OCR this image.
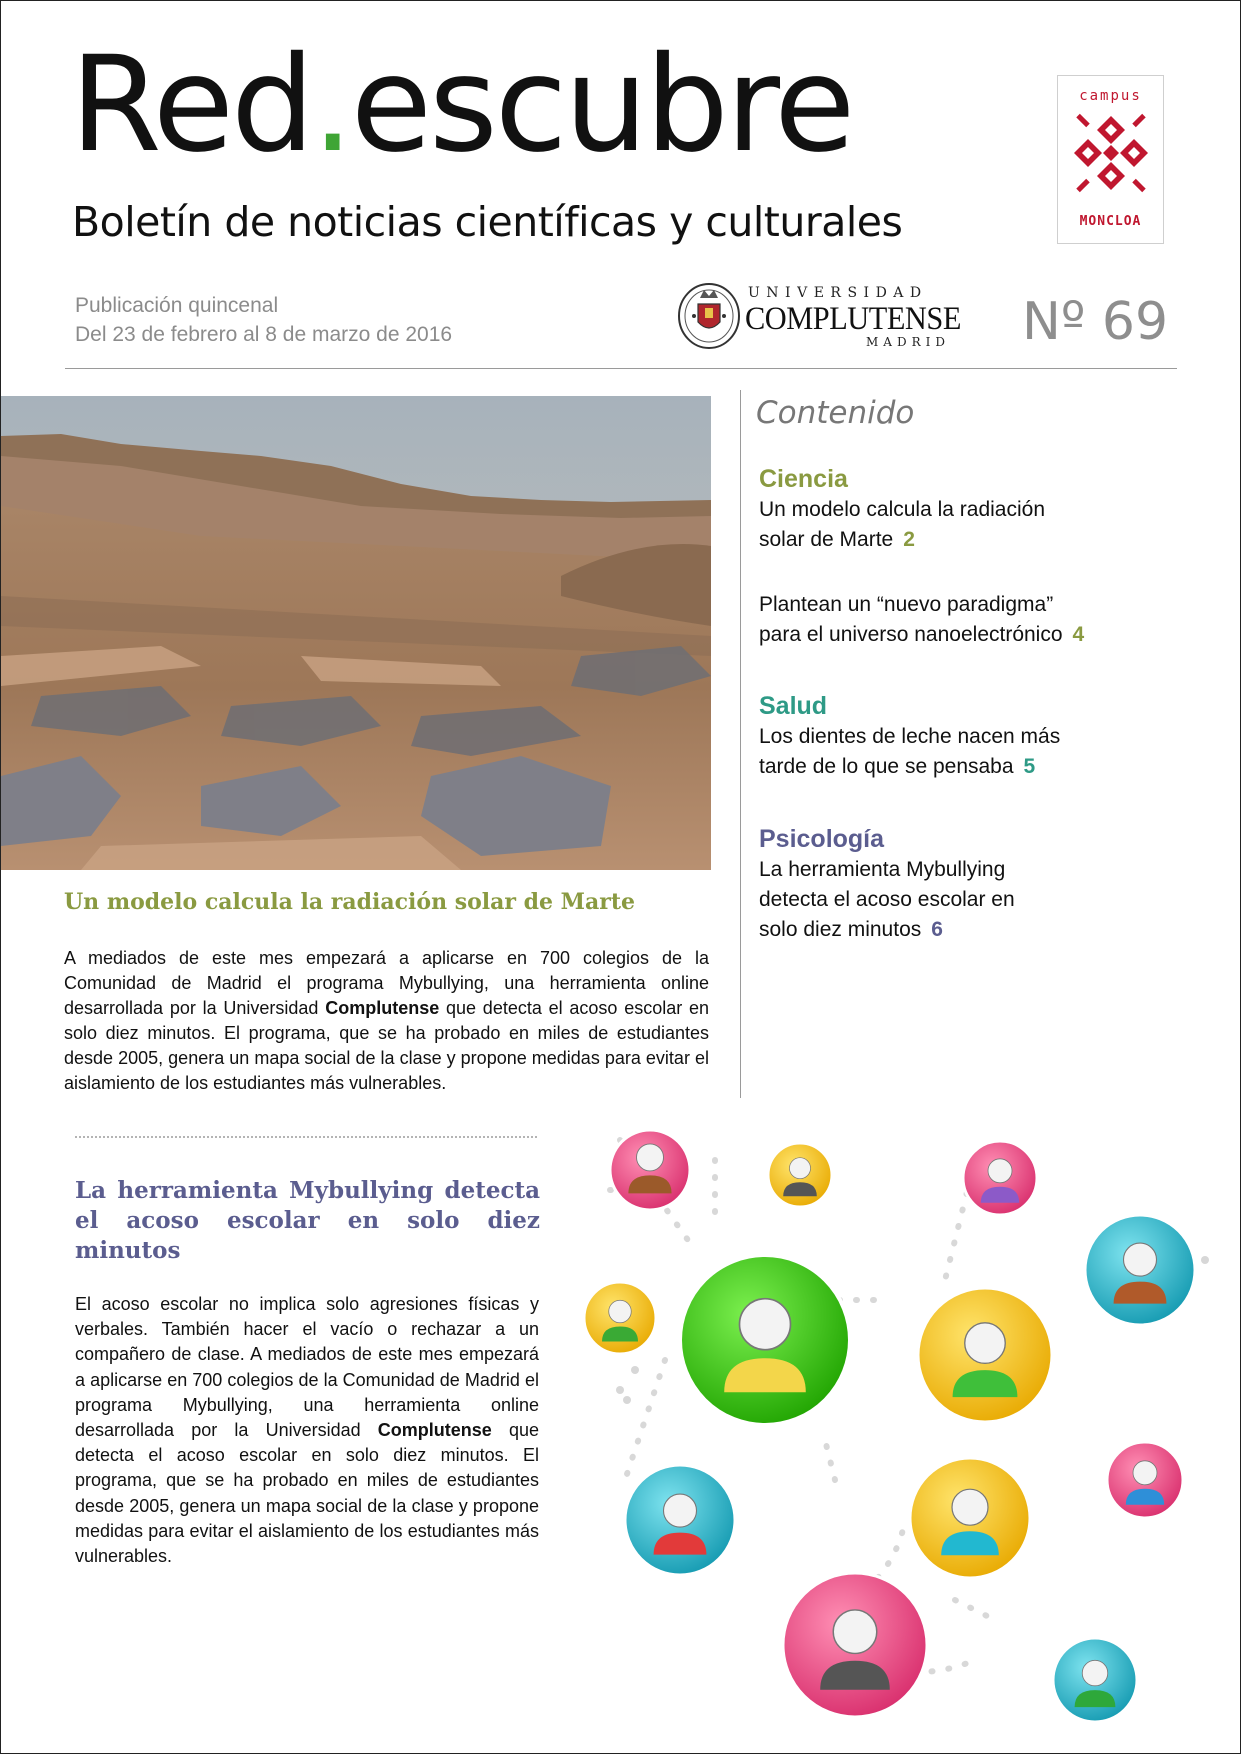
Red.escubre
Boletín de noticias científicas y culturales
campus
MONCLOA
Publicación quincenal
Del 23 de febrero al 8 de marzo de 2016
UNIVERSIDAD
COMPLUTENSE
MADRID Nº 69
Un modelo calcula la radiación solar de Marte
A mediados de este mes empezará a aplicarse en 700 colegios de la Comunidad de Madrid el programa Mybullying, una herramienta online desarrollada por la Universidad Complutense que detecta el acoso escolar en solo diez minutos. El programa, que se ha probado en miles de estudiantes desde 2005, genera un mapa social de la clase y propone medidas para evitar el aislamiento de los estudiantes más vulnerables.
La herramienta Mybullying detecta el acoso escolar en solo diez minutos
El acoso escolar no implica solo agresiones físicas y verbales. También hacer el vacío o rechazar a un compañero de clase. A mediados de este mes empezará a aplicarse en 700 colegios de la Comunidad de Madrid el programa Mybullying, una herramienta online desarrollada por la Universidad Complutense que detecta el acoso escolar en solo diez minutos. El programa, que se ha probado en miles de estudiantes desde 2005, genera un mapa social de la clase y propone medidas para evitar el aislamiento de los estudiantes más vulnerables.
Contenido
Ciencia
Un modelo calcula la radiación
solar de Marte 2
Plantean un “nuevo paradigma”
para el universo nanoelectrónico 4
Salud
Los dientes de leche nacen más
tarde de lo que se pensaba 5
Psicología
La herramienta Mybullying
detecta el acoso escolar en
solo diez minutos 6
